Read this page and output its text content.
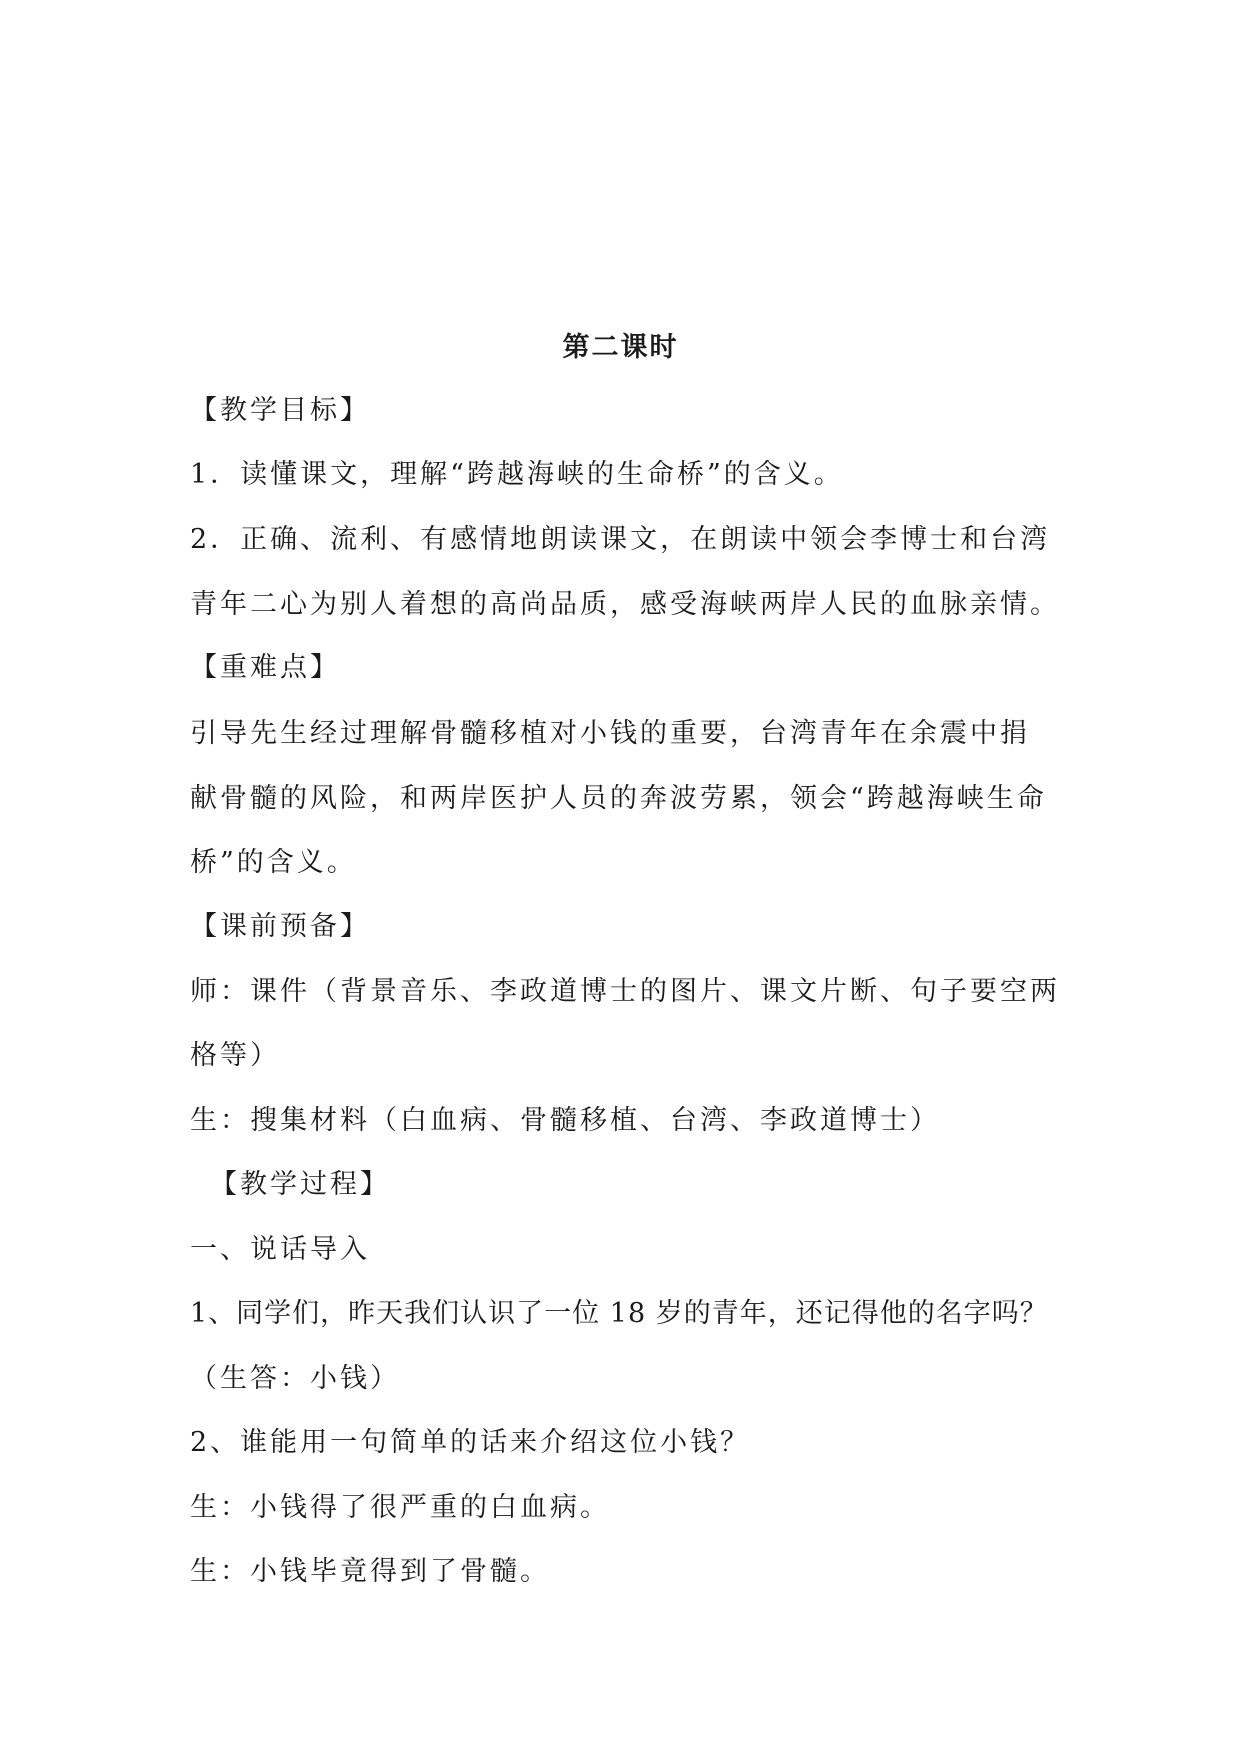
第二课时

【教学目标】

1．读懂课文，理解“跨越海峡的生命桥”的含义。

2．正确、流利、有感情地朗读课文，在朗读中领会李博士和台湾

青年二心为别人着想的高尚品质，感受海峡两岸人民的血脉亲情。

【重难点】

引导先生经过理解骨髓移植对小钱的重要，台湾青年在余震中捐

献骨髓的风险，和两岸医护人员的奔波劳累，领会“跨越海峡生命

桥”的含义。

【课前预备】

师：课件（背景音乐、李政道博士的图片、课文片断、句子要空两

格等）

生：搜集材料（白血病、骨髓移植、台湾、李政道博士）

【教学过程】

一、说话导入

1、同学们，昨天我们认识了一位 18 岁的青年，还记得他的名字吗？

（生答：小钱）

2、谁能用一句简单的话来介绍这位小钱？

生：小钱得了很严重的白血病。

生：小钱毕竟得到了骨髓。
